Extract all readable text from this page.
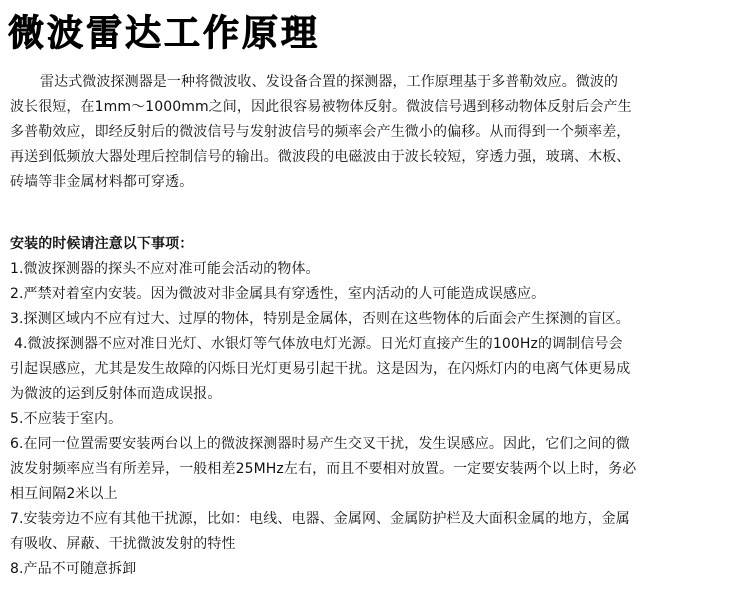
微波雷达工作原理
雷达式微波探测器是一种将微波收、发设备合置的探测器，工作原理基于多普勒效应。微波的
波长很短，在1mm～1000mm之间，因此很容易被物体反射。微波信号遇到移动物体反射后会产生
多普勒效应，即经反射后的微波信号与发射波信号的频率会产生微小的偏移。从而得到一个频率差，
再送到低频放大器处理后控制信号的输出。微波段的电磁波由于波长较短，穿透力强，玻璃、木板、
砖墙等非金属材料都可穿透。
安装的时候请注意以下事项：
1.微波探测器的探头不应对准可能会活动的物体。
2.严禁对着室内安装。因为微波对非金属具有穿透性，室内活动的人可能造成误感应。
3.探测区域内不应有过大、过厚的物体，特别是金属体，否则在这些物体的后面会产生探测的盲区。
4.微波探测器不应对准日光灯、水银灯等气体放电灯光源。日光灯直接产生的100Hz的调制信号会
引起误感应，尤其是发生故障的闪烁日光灯更易引起干扰。这是因为，在闪烁灯内的电离气体更易成
为微波的运到反射体而造成误报。
5.不应装于室内。
6.在同一位置需要安装两台以上的微波探测器时易产生交叉干扰，发生误感应。因此，它们之间的微
波发射频率应当有所差异，一般相差25MHz左右，而且不要相对放置。一定要安装两个以上时，务必
相互间隔2米以上
7.安装旁边不应有其他干扰源，比如：电线、电器、金属网、金属防护栏及大面积金属的地方，金属
有吸收、屏蔽、干扰微波发射的特性
8.产品不可随意拆卸
